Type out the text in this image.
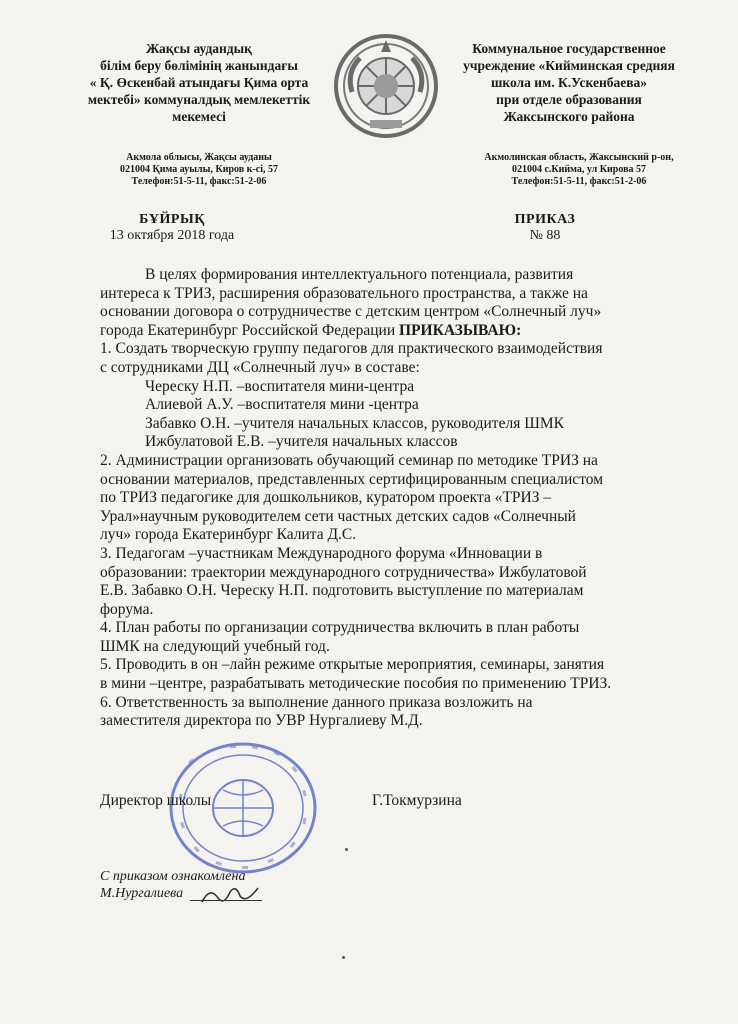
Жақсы аудандық
білім беру бөлімінің жанындағы
« Қ. Өскенбай атындағы Қима орта
мектебі» коммуналдық мемлекеттік
мекемесі
Акмола облысы, Жақсы ауданы
021004 Қима ауылы, Киров к-сі, 57
Телефон:51-5-11, факс:51-2-06
Коммунальное государственное
учреждение «Кийминская средняя
школа им. К.Ускенбаева»
при отделе образования
Жаксынского района
Акмолинская область, Жаксынский р-он,
021004 с.Кийма, ул Кирова 57
Телефон:51-5-11, факс:51-2-06
БҰЙРЫҚ
13 октября 2018 года
ПРИКАЗ
№ 88
В целях формирования интеллектуального потенциала, развития
интереса к ТРИЗ, расширения образовательного пространства, а также на
основании договора о сотрудничестве с детским центром «Солнечный луч»
города Екатеринбург Российской Федерации ПРИКАЗЫВАЮ:
1. Создать творческую группу педагогов для практического взаимодействия
с сотрудниками ДЦ «Солнечный луч» в составе:
Череску Н.П. –воспитателя мини-центра
Алиевой А.У. –воспитателя мини -центра
Забавко О.Н. –учителя начальных классов, руководителя ШМК
Ижбулатовой Е.В. –учителя начальных классов
2. Администрации организовать обучающий семинар по методике ТРИЗ на
основании материалов, представленных сертифицированным специалистом
по ТРИЗ педагогике для дошкольников, куратором проекта «ТРИЗ –
Урал»научным руководителем сети частных детских садов «Солнечный
луч» города Екатеринбург Калита Д.С.
3. Педагогам –участникам Международного форума «Инновации в
образовании: траектории международного сотрудничества» Ижбулатовой
Е.В. Забавко О.Н. Череску Н.П. подготовить выступление по материалам
форума.
4. План работы по организации сотрудничества включить в план работы
ШМК на следующий учебный год.
5. Проводить в он –лайн режиме открытые мероприятия, семинары, занятия
в мини –центре, разрабатывать методические пособия по применению ТРИЗ.
6. Ответственность за выполнение данного приказа возложить на
заместителя директора по УВР Нургалиеву М.Д.
Директор школы	Г.Токмурзина
С приказом ознакомлена
М.Нургалиева
